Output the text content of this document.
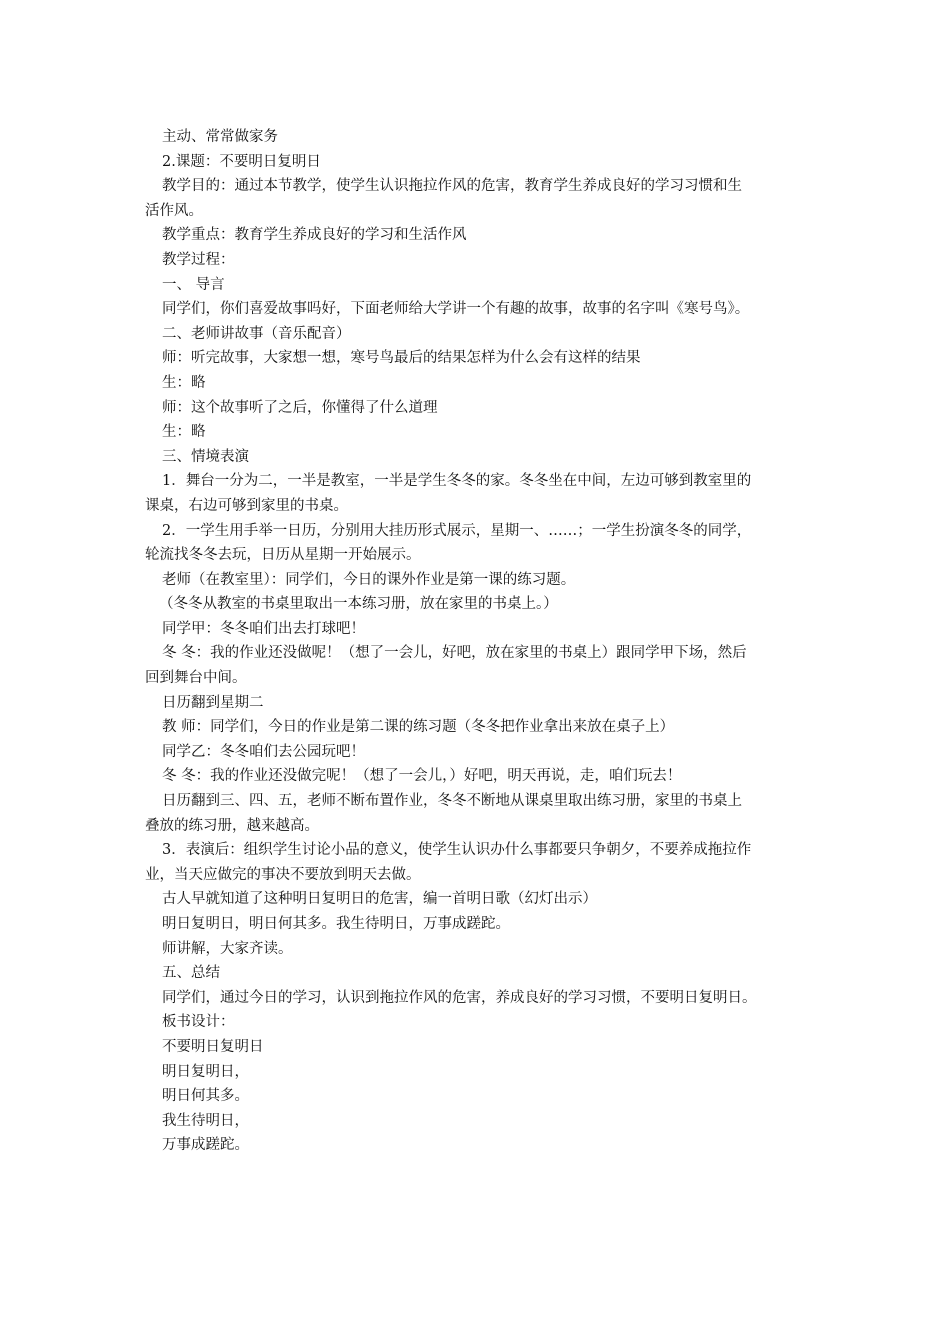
主动、常常做家务
2.课题：不要明日复明日
教学目的：通过本节教学，使学生认识拖拉作风的危害，教育学生养成良好的学习习惯和生
活作风。
教学重点：教育学生养成良好的学习和生活作风
教学过程：
一、 导言
同学们，你们喜爱故事吗好，下面老师给大学讲一个有趣的故事，故事的名字叫《寒号鸟》。
二、老师讲故事（音乐配音）
师：听完故事，大家想一想，寒号鸟最后的结果怎样为什么会有这样的结果
生：略
师：这个故事听了之后，你懂得了什么道理
生：略
三、情境表演
1．舞台一分为二，一半是教室，一半是学生冬冬的家。冬冬坐在中间，左边可够到教室里的
课桌，右边可够到家里的书桌。
2．一学生用手举一日历，分别用大挂历形式展示，星期一、……；一学生扮演冬冬的同学，
轮流找冬冬去玩，日历从星期一开始展示。
老师（在教室里）：同学们，今日的课外作业是第一课的练习题。
（冬冬从教室的书桌里取出一本练习册，放在家里的书桌上。）
同学甲：冬冬咱们出去打球吧！
冬 冬：我的作业还没做呢！（想了一会儿，好吧，放在家里的书桌上）跟同学甲下场，然后
回到舞台中间。
日历翻到星期二
教 师：同学们，今日的作业是第二课的练习题（冬冬把作业拿出来放在桌子上）
同学乙：冬冬咱们去公园玩吧！
冬 冬：我的作业还没做完呢！（想了一会儿，）好吧，明天再说，走，咱们玩去！
日历翻到三、四、五，老师不断布置作业，冬冬不断地从课桌里取出练习册，家里的书桌上
叠放的练习册，越来越高。
3．表演后：组织学生讨论小品的意义，使学生认识办什么事都要只争朝夕，不要养成拖拉作
业，当天应做完的事决不要放到明天去做。
古人早就知道了这种明日复明日的危害，编一首明日歌（幻灯出示）
明日复明日，明日何其多。我生待明日，万事成蹉跎。
师讲解，大家齐读。
五、总结
同学们，通过今日的学习，认识到拖拉作风的危害，养成良好的学习习惯，不要明日复明日。
板书设计：
不要明日复明日
明日复明日，
明日何其多。
我生待明日，
万事成蹉跎。
